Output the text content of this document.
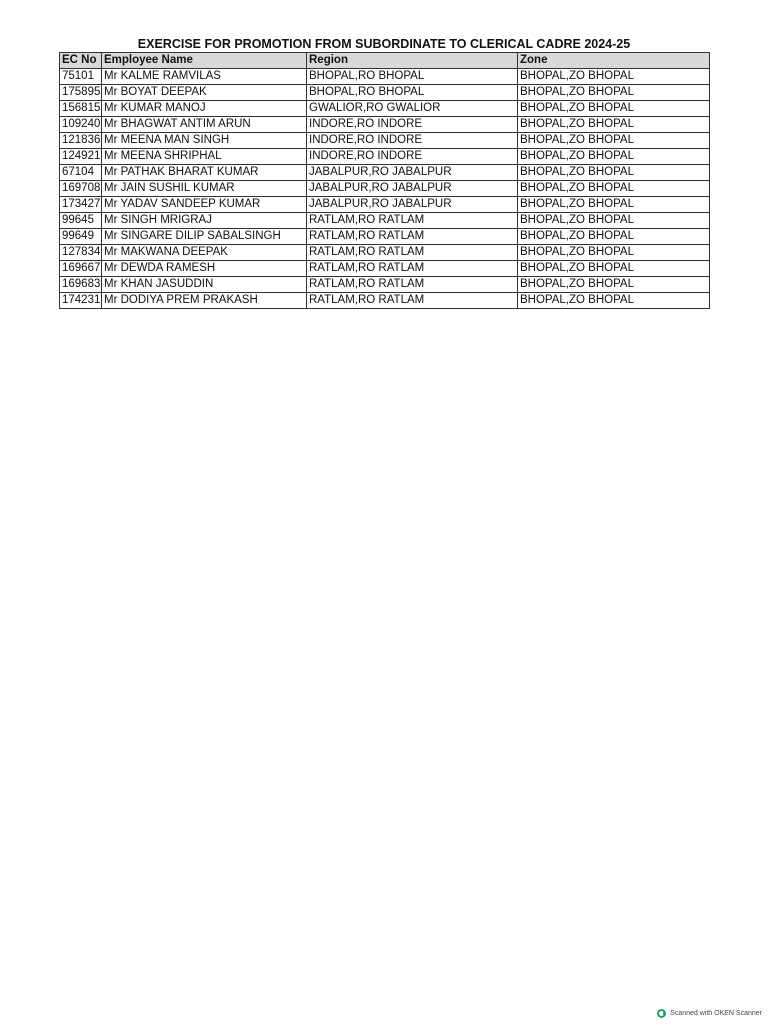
EXERCISE FOR PROMOTION FROM SUBORDINATE TO CLERICAL CADRE 2024-25
EC No	Employee Name	Region	Zone
75101	Mr KALME RAMVILAS	BHOPAL,RO BHOPAL	BHOPAL,ZO BHOPAL
175895	Mr BOYAT DEEPAK	BHOPAL,RO BHOPAL	BHOPAL,ZO BHOPAL
156815	Mr KUMAR MANOJ	GWALIOR,RO GWALIOR	BHOPAL,ZO BHOPAL
109240	Mr BHAGWAT ANTIM ARUN	INDORE,RO INDORE	BHOPAL,ZO BHOPAL
121836	Mr MEENA MAN SINGH	INDORE,RO INDORE	BHOPAL,ZO BHOPAL
124921	Mr MEENA SHRIPHAL	INDORE,RO INDORE	BHOPAL,ZO BHOPAL
67104	Mr PATHAK BHARAT KUMAR	JABALPUR,RO JABALPUR	BHOPAL,ZO BHOPAL
169708	Mr JAIN SUSHIL KUMAR	JABALPUR,RO JABALPUR	BHOPAL,ZO BHOPAL
173427	Mr YADAV SANDEEP KUMAR	JABALPUR,RO JABALPUR	BHOPAL,ZO BHOPAL
99645	Mr SINGH MRIGRAJ	RATLAM,RO RATLAM	BHOPAL,ZO BHOPAL
99649	Mr SINGARE DILIP SABALSINGH	RATLAM,RO RATLAM	BHOPAL,ZO BHOPAL
127834	Mr MAKWANA DEEPAK	RATLAM,RO RATLAM	BHOPAL,ZO BHOPAL
169667	Mr DEWDA RAMESH	RATLAM,RO RATLAM	BHOPAL,ZO BHOPAL
169683	Mr KHAN JASUDDIN	RATLAM,RO RATLAM	BHOPAL,ZO BHOPAL
174231	Mr DODIYA PREM PRAKASH	RATLAM,RO RATLAM	BHOPAL,ZO BHOPAL
Scanned with OKEN Scanner
